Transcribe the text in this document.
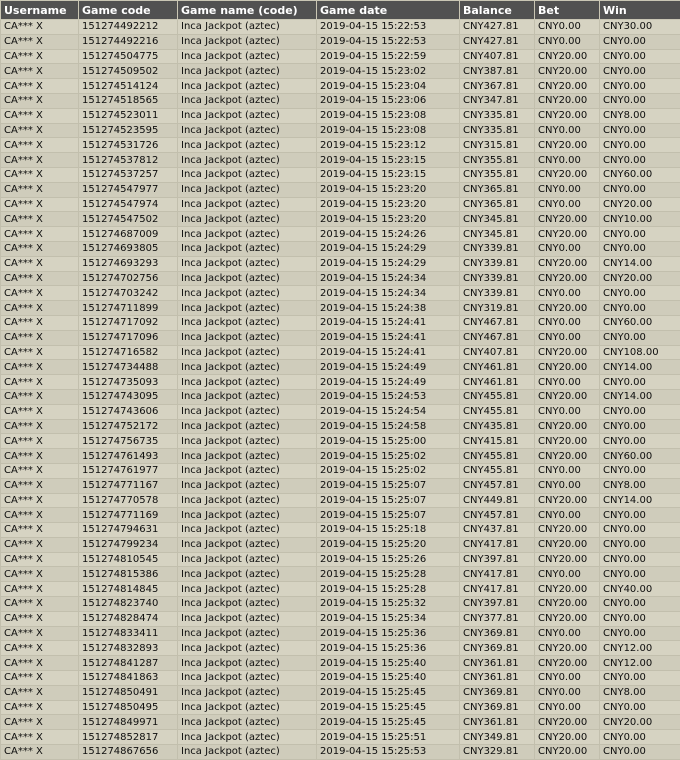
Username	Game code	Game name (code)	Game date	Balance	Bet	Win
CA*** X	151274492212	Inca Jackpot (aztec)	2019-04-15 15:22:53	CNY427.81	CNY0.00	CNY30.00
CA*** X	151274492216	Inca Jackpot (aztec)	2019-04-15 15:22:53	CNY427.81	CNY0.00	CNY0.00
CA*** X	151274504775	Inca Jackpot (aztec)	2019-04-15 15:22:59	CNY407.81	CNY20.00	CNY0.00
CA*** X	151274509502	Inca Jackpot (aztec)	2019-04-15 15:23:02	CNY387.81	CNY20.00	CNY0.00
CA*** X	151274514124	Inca Jackpot (aztec)	2019-04-15 15:23:04	CNY367.81	CNY20.00	CNY0.00
CA*** X	151274518565	Inca Jackpot (aztec)	2019-04-15 15:23:06	CNY347.81	CNY20.00	CNY0.00
CA*** X	151274523011	Inca Jackpot (aztec)	2019-04-15 15:23:08	CNY335.81	CNY20.00	CNY8.00
CA*** X	151274523595	Inca Jackpot (aztec)	2019-04-15 15:23:08	CNY335.81	CNY0.00	CNY0.00
CA*** X	151274531726	Inca Jackpot (aztec)	2019-04-15 15:23:12	CNY315.81	CNY20.00	CNY0.00
CA*** X	151274537812	Inca Jackpot (aztec)	2019-04-15 15:23:15	CNY355.81	CNY0.00	CNY0.00
CA*** X	151274537257	Inca Jackpot (aztec)	2019-04-15 15:23:15	CNY355.81	CNY20.00	CNY60.00
CA*** X	151274547977	Inca Jackpot (aztec)	2019-04-15 15:23:20	CNY365.81	CNY0.00	CNY0.00
CA*** X	151274547974	Inca Jackpot (aztec)	2019-04-15 15:23:20	CNY365.81	CNY0.00	CNY20.00
CA*** X	151274547502	Inca Jackpot (aztec)	2019-04-15 15:23:20	CNY345.81	CNY20.00	CNY10.00
CA*** X	151274687009	Inca Jackpot (aztec)	2019-04-15 15:24:26	CNY345.81	CNY20.00	CNY0.00
CA*** X	151274693805	Inca Jackpot (aztec)	2019-04-15 15:24:29	CNY339.81	CNY0.00	CNY0.00
CA*** X	151274693293	Inca Jackpot (aztec)	2019-04-15 15:24:29	CNY339.81	CNY20.00	CNY14.00
CA*** X	151274702756	Inca Jackpot (aztec)	2019-04-15 15:24:34	CNY339.81	CNY20.00	CNY20.00
CA*** X	151274703242	Inca Jackpot (aztec)	2019-04-15 15:24:34	CNY339.81	CNY0.00	CNY0.00
CA*** X	151274711899	Inca Jackpot (aztec)	2019-04-15 15:24:38	CNY319.81	CNY20.00	CNY0.00
CA*** X	151274717092	Inca Jackpot (aztec)	2019-04-15 15:24:41	CNY467.81	CNY0.00	CNY60.00
CA*** X	151274717096	Inca Jackpot (aztec)	2019-04-15 15:24:41	CNY467.81	CNY0.00	CNY0.00
CA*** X	151274716582	Inca Jackpot (aztec)	2019-04-15 15:24:41	CNY407.81	CNY20.00	CNY108.00
CA*** X	151274734488	Inca Jackpot (aztec)	2019-04-15 15:24:49	CNY461.81	CNY20.00	CNY14.00
CA*** X	151274735093	Inca Jackpot (aztec)	2019-04-15 15:24:49	CNY461.81	CNY0.00	CNY0.00
CA*** X	151274743095	Inca Jackpot (aztec)	2019-04-15 15:24:53	CNY455.81	CNY20.00	CNY14.00
CA*** X	151274743606	Inca Jackpot (aztec)	2019-04-15 15:24:54	CNY455.81	CNY0.00	CNY0.00
CA*** X	151274752172	Inca Jackpot (aztec)	2019-04-15 15:24:58	CNY435.81	CNY20.00	CNY0.00
CA*** X	151274756735	Inca Jackpot (aztec)	2019-04-15 15:25:00	CNY415.81	CNY20.00	CNY0.00
CA*** X	151274761493	Inca Jackpot (aztec)	2019-04-15 15:25:02	CNY455.81	CNY20.00	CNY60.00
CA*** X	151274761977	Inca Jackpot (aztec)	2019-04-15 15:25:02	CNY455.81	CNY0.00	CNY0.00
CA*** X	151274771167	Inca Jackpot (aztec)	2019-04-15 15:25:07	CNY457.81	CNY0.00	CNY8.00
CA*** X	151274770578	Inca Jackpot (aztec)	2019-04-15 15:25:07	CNY449.81	CNY20.00	CNY14.00
CA*** X	151274771169	Inca Jackpot (aztec)	2019-04-15 15:25:07	CNY457.81	CNY0.00	CNY0.00
CA*** X	151274794631	Inca Jackpot (aztec)	2019-04-15 15:25:18	CNY437.81	CNY20.00	CNY0.00
CA*** X	151274799234	Inca Jackpot (aztec)	2019-04-15 15:25:20	CNY417.81	CNY20.00	CNY0.00
CA*** X	151274810545	Inca Jackpot (aztec)	2019-04-15 15:25:26	CNY397.81	CNY20.00	CNY0.00
CA*** X	151274815386	Inca Jackpot (aztec)	2019-04-15 15:25:28	CNY417.81	CNY0.00	CNY0.00
CA*** X	151274814845	Inca Jackpot (aztec)	2019-04-15 15:25:28	CNY417.81	CNY20.00	CNY40.00
CA*** X	151274823740	Inca Jackpot (aztec)	2019-04-15 15:25:32	CNY397.81	CNY20.00	CNY0.00
CA*** X	151274828474	Inca Jackpot (aztec)	2019-04-15 15:25:34	CNY377.81	CNY20.00	CNY0.00
CA*** X	151274833411	Inca Jackpot (aztec)	2019-04-15 15:25:36	CNY369.81	CNY0.00	CNY0.00
CA*** X	151274832893	Inca Jackpot (aztec)	2019-04-15 15:25:36	CNY369.81	CNY20.00	CNY12.00
CA*** X	151274841287	Inca Jackpot (aztec)	2019-04-15 15:25:40	CNY361.81	CNY20.00	CNY12.00
CA*** X	151274841863	Inca Jackpot (aztec)	2019-04-15 15:25:40	CNY361.81	CNY0.00	CNY0.00
CA*** X	151274850491	Inca Jackpot (aztec)	2019-04-15 15:25:45	CNY369.81	CNY0.00	CNY8.00
CA*** X	151274850495	Inca Jackpot (aztec)	2019-04-15 15:25:45	CNY369.81	CNY0.00	CNY0.00
CA*** X	151274849971	Inca Jackpot (aztec)	2019-04-15 15:25:45	CNY361.81	CNY20.00	CNY20.00
CA*** X	151274852817	Inca Jackpot (aztec)	2019-04-15 15:25:51	CNY349.81	CNY20.00	CNY0.00
CA*** X	151274867656	Inca Jackpot (aztec)	2019-04-15 15:25:53	CNY329.81	CNY20.00	CNY0.00
